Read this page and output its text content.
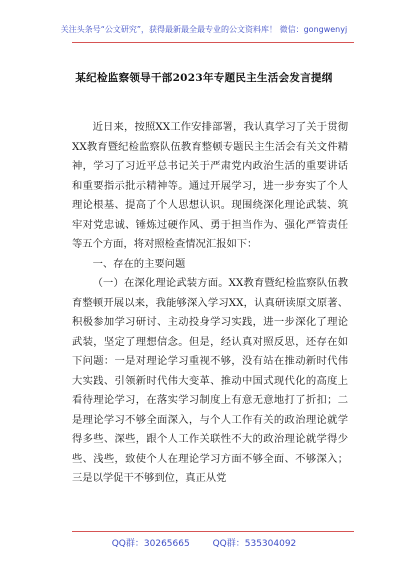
关注头条号“公文研究”，获得最新最全最专业的公文资料库！ 微信：gongwenyj
某纪检监察领导干部2023年专题民主生活会发言提纲

近日来，按照XX工作安排部署，我认真学习了关于贯彻XX教育暨纪检监察队伍教育整顿专题民主生活会有关文件精神，学习了习近平总书记关于严肃党内政治生活的重要讲话和重要指示批示精神等。通过开展学习，进一步夯实了个人理论根基、提高了个人思想认识。现围绕深化理论武装、筑牢对党忠诚、锤炼过硬作风、勇于担当作为、强化严管责任等五个方面，将对照检查情况汇报如下：

一、存在的主要问题

（一）在深化理论武装方面。XX教育暨纪检监察队伍教育整顿开展以来，我能够深入学习XX，认真研读原文原著、积极参加学习研讨、主动投身学习实践，进一步深化了理论武装，坚定了理想信念。但是，经认真对照反思，还存在如下问题：一是对理论学习重视不够，没有站在推动新时代伟大实践、引领新时代伟大变革、推动中国式现代化的高度上看待理论学习，在落实学习制度上有意无意地打了折扣；二是理论学习不够全面深入，与个人工作有关的政治理论就学得多些、深些，跟个人工作关联性不大的政治理论就学得少些、浅些，致使个人在理论学习方面不够全面、不够深入；三是以学促干不够到位，真正从党

QQ群：30265665	QQ群：535304092
